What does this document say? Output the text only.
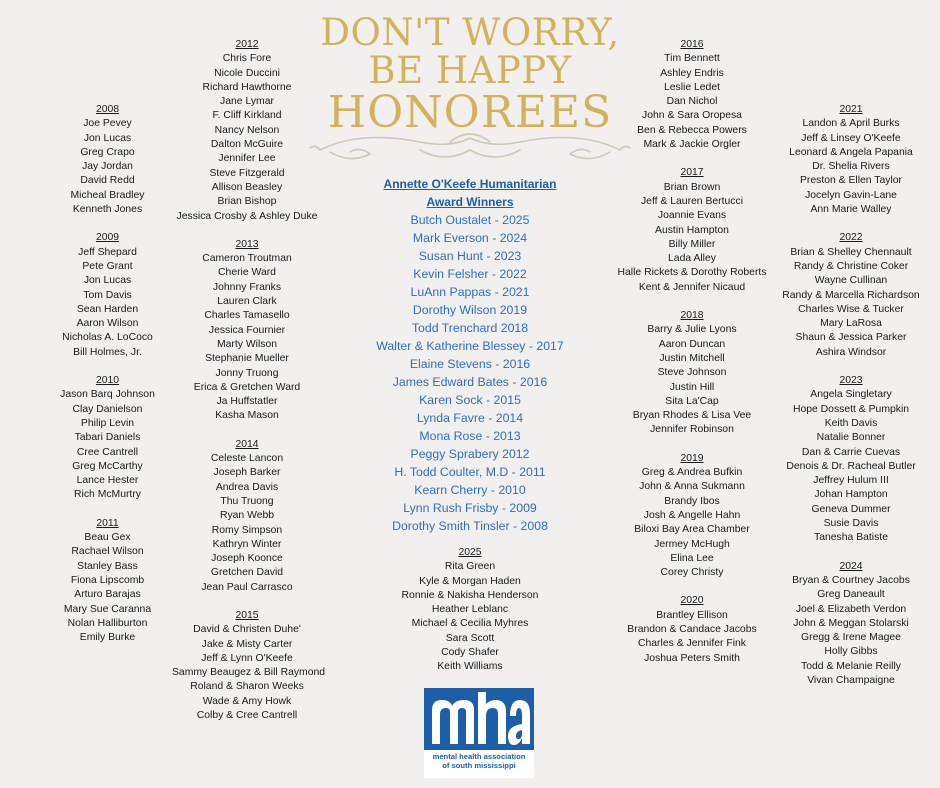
DON'T WORRY,
BE HAPPY
HONOREES
2008
Joe Pevey
Jon Lucas
Greg Crapo
Jay Jordan
David Redd
Micheal Bradley
Kenneth Jones
2009
Jeff Shepard
Pete Grant
Jon Lucas
Tom Davis
Sean Harden
Aaron Wilson
Nicholas A. LoCoco
Bill Holmes, Jr.
2010
Jason Barq Johnson
Clay Danielson
Philip Levin
Tabari Daniels
Cree Cantrell
Greg McCarthy
Lance Hester
Rich McMurtry
2011
Beau Gex
Rachael Wilson
Stanley Bass
Fiona Lipscomb
Arturo Barajas
Mary Sue Caranna
Nolan Halliburton
Emily Burke
2012
Chris Fore
Nicole Duccini
Richard Hawthorne
Jane Lymar
F. Cliff Kirkland
Nancy Nelson
Dalton McGuire
Jennifer Lee
Steve Fitzgerald
Allison Beasley
Brian Bishop
Jessica Crosby & Ashley Duke
2013
Cameron Troutman
Cherie Ward
Johnny Franks
Lauren Clark
Charles Tamasello
Jessica Fournier
Marty Wilson
Stephanie Mueller
Jonny Truong
Erica & Gretchen Ward
Ja Huffstatler
Kasha Mason
2014
Celeste Lancon
Joseph Barker
Andrea Davis
Thu Truong
Ryan Webb
Romy Simpson
Kathryn Winter
Joseph Koonce
Gretchen David
Jean Paul Carrasco
2015
David & Christen Duhe'
Jake & Misty Carter
Jeff & Lynn O'Keefe
Sammy Beaugez & Bill Raymond
Roland & Sharon Weeks
Wade & Amy Howk
Colby & Cree Cantrell
2025
Rita Green
Kyle & Morgan Haden
Ronnie & Nakisha Henderson
Heather Leblanc
Michael & Cecilia Myhres
Sara Scott
Cody Shafer
Keith Williams
2016
Tim Bennett
Ashley Endris
Leslie Ledet
Dan Nichol
John & Sara Oropesa
Ben & Rebecca Powers
Mark & Jackie Orgler
2017
Brian Brown
Jeff & Lauren Bertucci
Joannie Evans
Austin Hampton
Billy Miller
Lada Alley
Halle Rickets & Dorothy Roberts
Kent & Jennifer Nicaud
2018
Barry & Julie Lyons
Aaron Duncan
Justin Mitchell
Steve Johnson
Justin Hill
Sita La'Cap
Bryan Rhodes & Lisa Vee
Jennifer Robinson
2019
Greg & Andrea Bufkin
John & Anna Sukmann
Brandy Ibos
Josh & Angelle Hahn
Biloxi Bay Area Chamber
Jermey McHugh
Elina Lee
Corey Christy
2020
Brantley Ellison
Brandon & Candace Jacobs
Charles & Jennifer Fink
Joshua Peters Smith
2021
Landon & April Burks
Jeff & Linsey O'Keefe
Leonard & Angela Papania
Dr. Shelia Rivers
Preston & Ellen Taylor
Jocelyn Gavin-Lane
Ann Marie Walley
2022
Brian & Shelley Chennault
Randy & Christine Coker
Wayne Cullinan
Randy & Marcella Richardson
Charles Wise & Tucker
Mary LaRosa
Shaun & Jessica Parker
Ashira Windsor
2023
Angela Singletary
Hope Dossett & Pumpkin
Keith Davis
Natalie Bonner
Dan & Carrie Cuevas
Denois & Dr. Racheal Butler
Jeffrey Hulum III
Johan Hampton
Geneva Dummer
Susie Davis
Tanesha Batiste
2024
Bryan & Courtney Jacobs
Greg Daneault
Joel & Elizabeth Verdon
John & Meggan Stolarski
Gregg & Irene Magee
Holly Gibbs
Todd & Melanie Reilly
Vivan Champaigne
Annette O'Keefe Humanitarian
Award Winners
Butch Oustalet - 2025
Mark Everson - 2024
Susan Hunt - 2023
Kevin Felsher - 2022
LuAnn Pappas - 2021
Dorothy Wilson 2019
Todd Trenchard 2018
Walter & Katherine Blessey - 2017
Elaine Stevens - 2016
James Edward Bates - 2016
Karen Sock - 2015
Lynda Favre - 2014
Mona Rose - 2013
Peggy Sprabery 2012
H. Todd Coulter, M.D - 2011
Kearn Cherry - 2010
Lynn Rush Frisby - 2009
Dorothy Smith Tinsler - 2008
mental health association
of south mississippi
